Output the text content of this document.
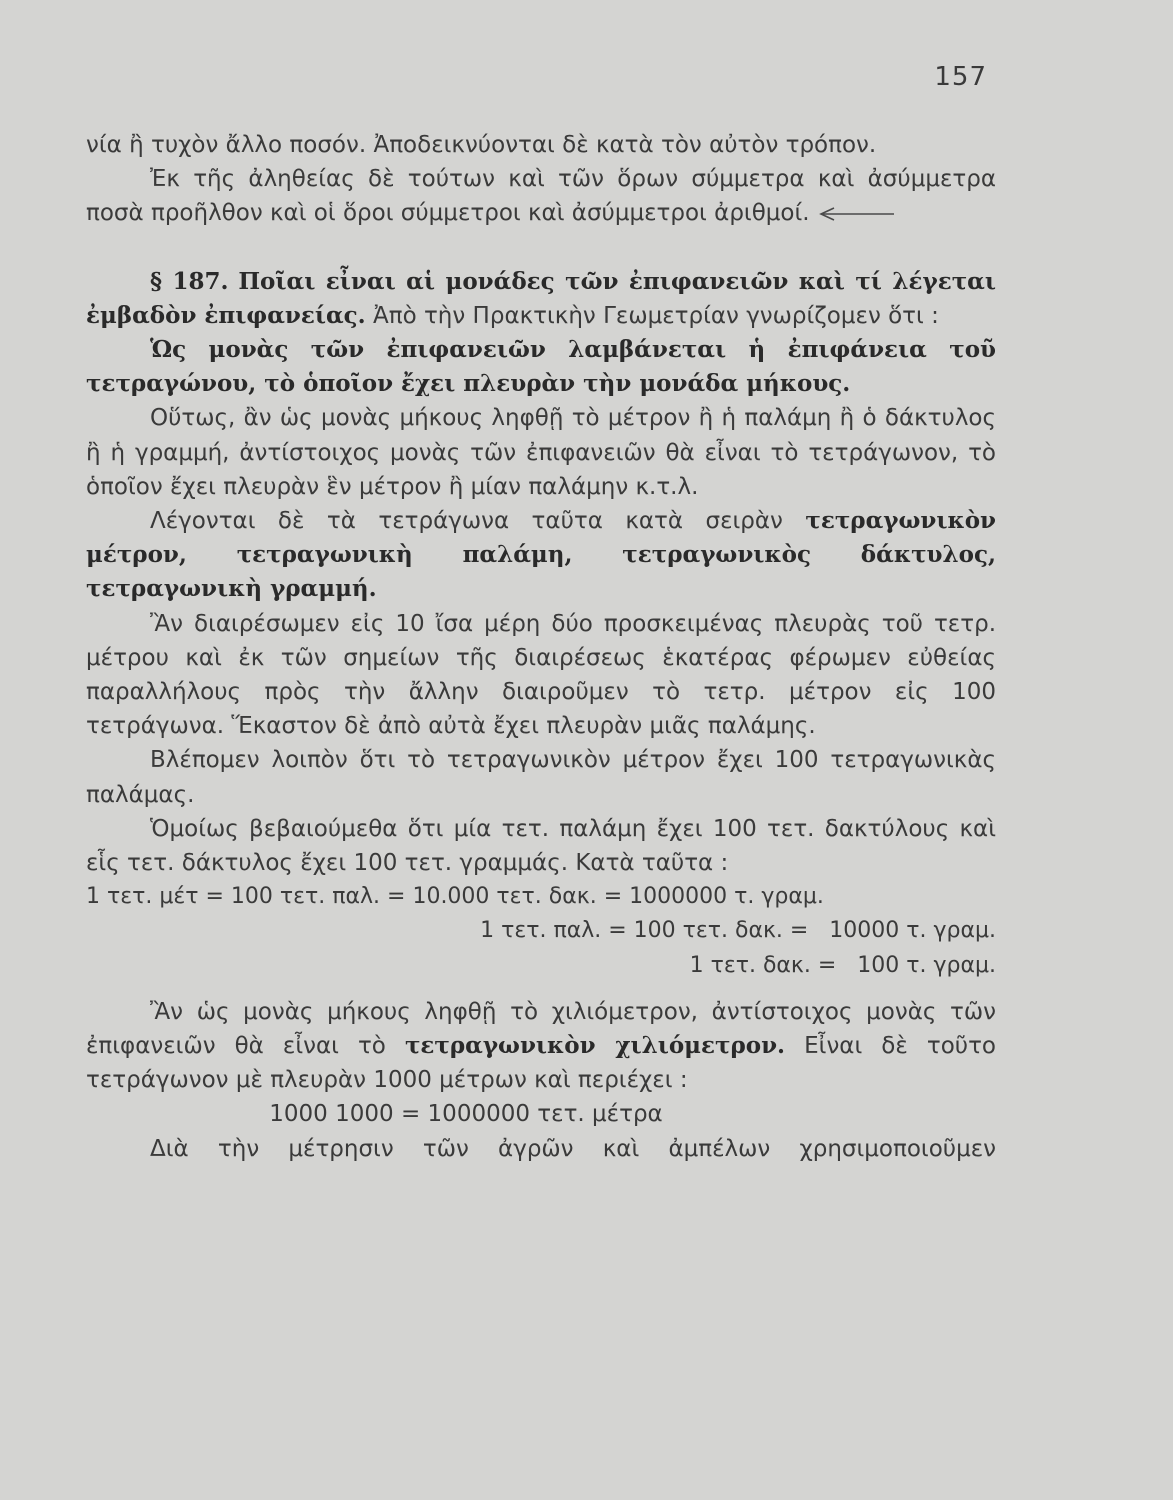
157

νία ἢ τυχὸν ἄλλο ποσόν. Ἀποδεικνύονται δὲ κατὰ τὸν αὐτὸν τρόπον.

Ἐκ τῆς ἀληθείας δὲ τούτων καὶ τῶν ὅρων σύμμετρα καὶ ἀσύμμετρα ποσὰ προῆλθον καὶ οἱ ὅροι σύμμετροι καὶ ἀσύμμετροι ἀριθμοί.

§ 187. Ποῖαι εἶναι αἱ μονάδες τῶν ἐπιφανειῶν καὶ τί λέγεται ἐμβαδὸν ἐπιφανείας. Ἀπὸ τὴν Πρακτικὴν Γεωμετρίαν γνωρίζομεν ὅτι :

Ὡς μονὰς τῶν ἐπιφανειῶν λαμβάνεται ἡ ἐπιφάνεια τοῦ τετραγώνου, τὸ ὁποῖον ἔχει πλευρὰν τὴν μονάδα μήκους.

Οὕτως, ἂν ὡς μονὰς μήκους ληφθῇ τὸ μέτρον ἢ ἡ παλάμη ἢ ὁ δάκτυλος ἢ ἡ γραμμή, ἀντίστοιχος μονὰς τῶν ἐπιφανειῶν θὰ εἶναι τὸ τετράγωνον, τὸ ὁποῖον ἔχει πλευρὰν ἓν μέτρον ἢ μίαν παλάμην κ.τ.λ.

Λέγονται δὲ τὰ τετράγωνα ταῦτα κατὰ σειρὰν τετραγωνικὸν μέτρον, τετραγωνικὴ παλάμη, τετραγωνικὸς δάκτυλος, τετραγωνικὴ γραμμή.

Ἂν διαιρέσωμεν εἰς 10 ἴσα μέρη δύο προσκειμένας πλευρὰς τοῦ τετρ. μέτρου καὶ ἐκ τῶν σημείων τῆς διαιρέσεως ἑκατέρας φέρωμεν εὐθείας παραλλήλους πρὸς τὴν ἄλλην διαιροῦμεν τὸ τετρ. μέτρον εἰς 100 τετράγωνα. Ἕκαστον δὲ ἀπὸ αὐτὰ ἔχει πλευρὰν μιᾶς παλάμης.

Βλέπομεν λοιπὸν ὅτι τὸ τετραγωνικὸν μέτρον ἔχει 100 τετραγωνικὰς παλάμας.

Ὁμοίως βεβαιούμεθα ὅτι μία τετ. παλάμη ἔχει 100 τετ. δακτύλους καὶ εἷς τετ. δάκτυλος ἔχει 100 τετ. γραμμάς. Κατὰ ταῦτα :

1 τετ. μέτ = 100 τετ. παλ. = 10.000 τετ. δακ. = 1000000 τ. γραμ.
1 τετ. παλ. = 100 τετ. δακ. =   10000 τ. γραμ.
1 τετ. δακ. =   100 τ. γραμ.

Ἂν ὡς μονὰς μήκους ληφθῇ τὸ χιλιόμετρον, ἀντίστοιχος μονὰς τῶν ἐπιφανειῶν θὰ εἶναι τὸ τετραγωνικὸν χιλιόμετρον. Εἶναι δὲ τοῦτο τετράγωνον μὲ πλευρὰν 1000 μέτρων καὶ περιέχει :

1000 1000 = 1000000 τετ. μέτρα

Διὰ τὴν μέτρησιν τῶν ἀγρῶν καὶ ἀμπέλων χρησιμοποιοῦμεν
